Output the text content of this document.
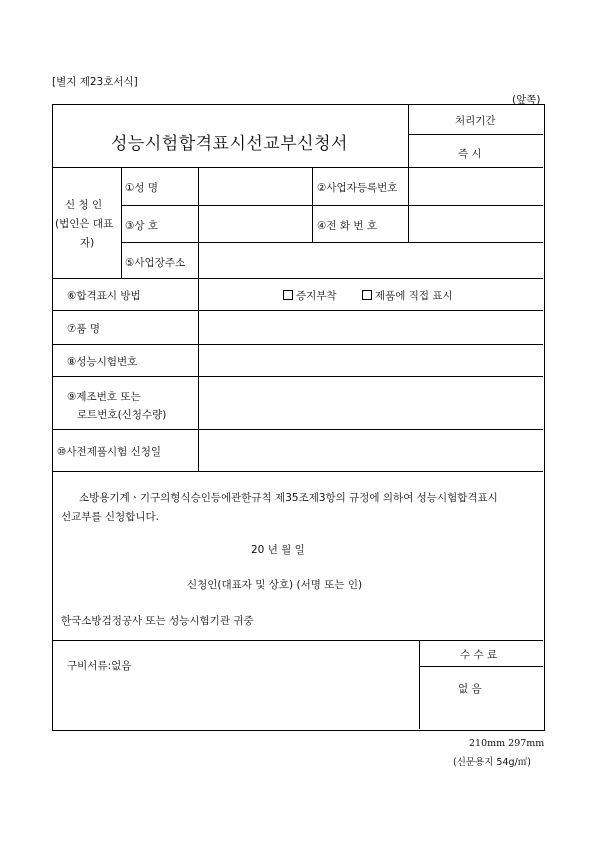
[별지 제23호서식]
(앞쪽)
성능시험합격표시선교부신청서
처리기간
즉 시
신 청 인
(법인은 대표
자)
①성 명	②사업자등록번호
③상 호	④전 화 번 호
⑤사업장주소
⑥합격표시 방법	증지부착	제품에 직접 표시
⑦품 명
⑧성능시험번호
⑨제조번호 또는
로트번호(신청수량)
⑩사전제품시험 신청일
소방용기계ㆍ기구의형식승인등에관한규칙 제35조제3항의 규정에 의하여 성능시험합격표시
선교부를 신청합니다.
20 년 월 일
신청인(대표자 및 상호) (서명 또는 인)
한국소방검정공사 또는 성능시험기관 귀중
구비서류:없음
수 수 료
없 음
210mm 297mm
(신문용지 54g/㎡)
